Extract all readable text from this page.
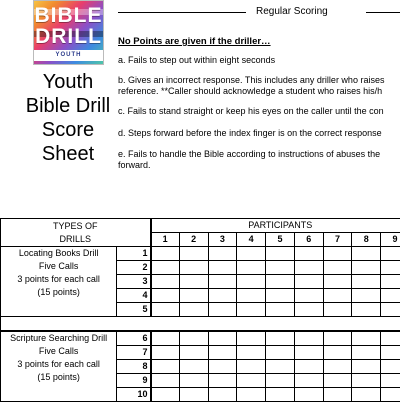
BIBLE
DRILL
YOUTH
Youth
Bible Drill
Score
Sheet
Regular Scoring
No Points are given if the driller…
a. Fails to step out within eight seconds
b. Gives an incorrect response. This includes any driller who raises
reference. **Caller should acknowledge a student who raises his/h
c. Fails to stand straight or keep his eyes on the caller until the con
d. Steps forward before the index finger is on the correct response
e. Fails to handle the Bible according to instructions of abuses the
forward.
TYPES OF
DRILLS		PARTICIPANTS								
		1	2	3	4	5	6	7	8	9

Locating Books Drill
Five Calls
3 points for each call
(15 points)	1									
	2									
	3									
	4									
	5									

Scripture Searching Drill
Five Calls
3 points for each call
(15 points)	6									
	7									
	8									
	9									
	10									
